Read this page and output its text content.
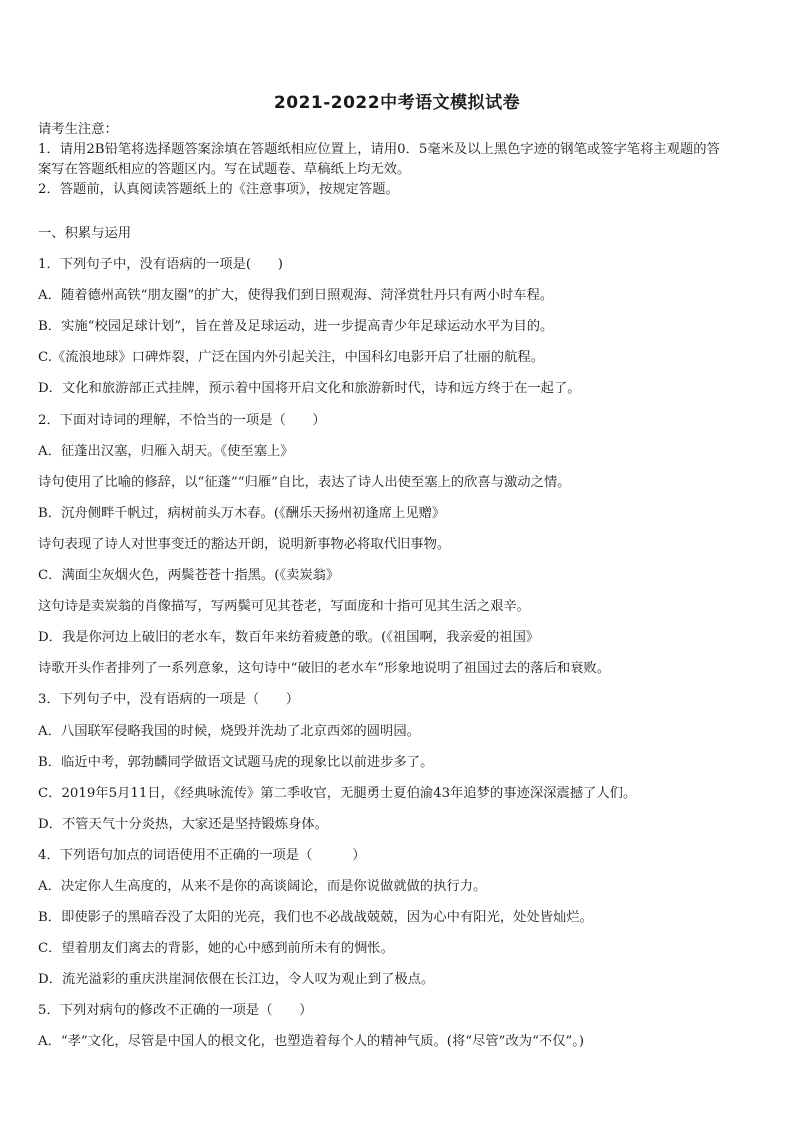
2021-2022中考语文模拟试卷
请考生注意：
1．请用2B铅笔将选择题答案涂填在答题纸相应位置上，请用0．5毫米及以上黑色字迹的钢笔或签字笔将主观题的答
案写在答题纸相应的答题区内。写在试题卷、草稿纸上均无效。
2．答题前，认真阅读答题纸上的《注意事项》，按规定答题。
一、积累与运用
1．下列句子中，没有语病的一项是(　　)
A．随着德州高铁“朋友圈”的扩大，使得我们到日照观海、菏泽赏牡丹只有两小时车程。
B．实施“校园足球计划”，旨在普及足球运动，进一步提高青少年足球运动水平为目的。
C.《流浪地球》口碑炸裂，广泛在国内外引起关注，中国科幻电影开启了壮丽的航程。
D．文化和旅游部正式挂牌，预示着中国将开启文化和旅游新时代，诗和远方终于在一起了。
2．下面对诗词的理解，不恰当的一项是（　　）
A．征蓬出汉塞，归雁入胡天。《使至塞上》
诗句使用了比喻的修辞，以“征蓬”“归雁”自比，表达了诗人出使至塞上的欣喜与激动之情。
B．沉舟侧畔千帆过，病树前头万木春。(《酬乐天扬州初逢席上见赠》
诗句表现了诗人对世事变迁的豁达开朗，说明新事物必将取代旧事物。
C．满面尘灰烟火色，两鬓苍苍十指黑。(《卖炭翁》
这句诗是卖炭翁的肖像描写，写两鬓可见其苍老，写面庞和十指可见其生活之艰辛。
D．我是你河边上破旧的老水车，数百年来纺着疲惫的歌。(《祖国啊，我亲爱的祖国》
诗歌开头作者排列了一系列意象，这句诗中“破旧的老水车”形象地说明了祖国过去的落后和衰败。
3．下列句子中，没有语病的一项是（　　）
A．八国联军侵略我国的时候，烧毁并洗劫了北京西郊的圆明园。
B．临近中考，郭勃麟同学做语文试题马虎的现象比以前进步多了。
C．2019年5月11日，《经典咏流传》第二季收官，无腿勇士夏伯渝43年追梦的事迹深深震撼了人们。
D．不管天气十分炎热，大家还是坚持锻炼身体。
4．下列语句加点的词语使用不正确的一项是（　　　）
A．决定你人生高度的，从来不是你的高谈阔论，而是你说做就做的执行力。
B．即使影子的黑暗吞没了太阳的光亮，我们也不必战战兢兢，因为心中有阳光，处处皆灿烂。
C．望着朋友们离去的背影，她的心中感到前所未有的惆怅。
D．流光溢彩的重庆洪崖洞依偎在长江边，令人叹为观止到了极点。
5．下列对病句的修改不正确的一项是（　　）
A．“孝”文化，尽管是中国人的根文化，也塑造着每个人的精神气质。(将“尽管”改为“不仅”。)
